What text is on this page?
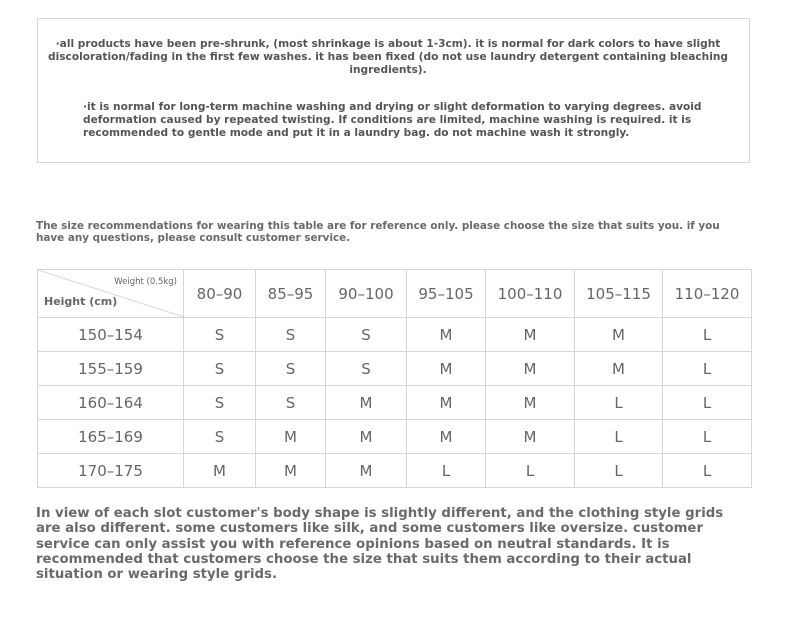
·all products have been pre-shrunk, (most shrinkage is about 1-3cm). it is normal for dark colors to have slight discoloration/fading in the first few washes. it has been fixed (do not use laundry detergent containing bleaching ingredients).
·it is normal for long-term machine washing and drying or slight deformation to varying degrees. avoid deformation caused by repeated twisting. If conditions are limited, machine washing is required. it is recommended to gentle mode and put it in a laundry bag. do not machine wash it strongly.
The size recommendations for wearing this table are for reference only. please choose the size that suits you. if you have any questions, please consult customer service.
Weight (0.5kg)
Height (cm)	80–90	85–95	90–100	95–105	100–110	105–115	110–120
150–154	S	S	S	M	M	M	L
155–159	S	S	S	M	M	M	L
160–164	S	S	M	M	M	L	L
165–169	S	M	M	M	M	L	L
170–175	M	M	M	L	L	L	L
In view of each slot customer's body shape is slightly different, and the clothing style grids are also different. some customers like silk, and some customers like oversize. customer service can only assist you with reference opinions based on neutral standards. It is recommended that customers choose the size that suits them according to their actual situation or wearing style grids.
